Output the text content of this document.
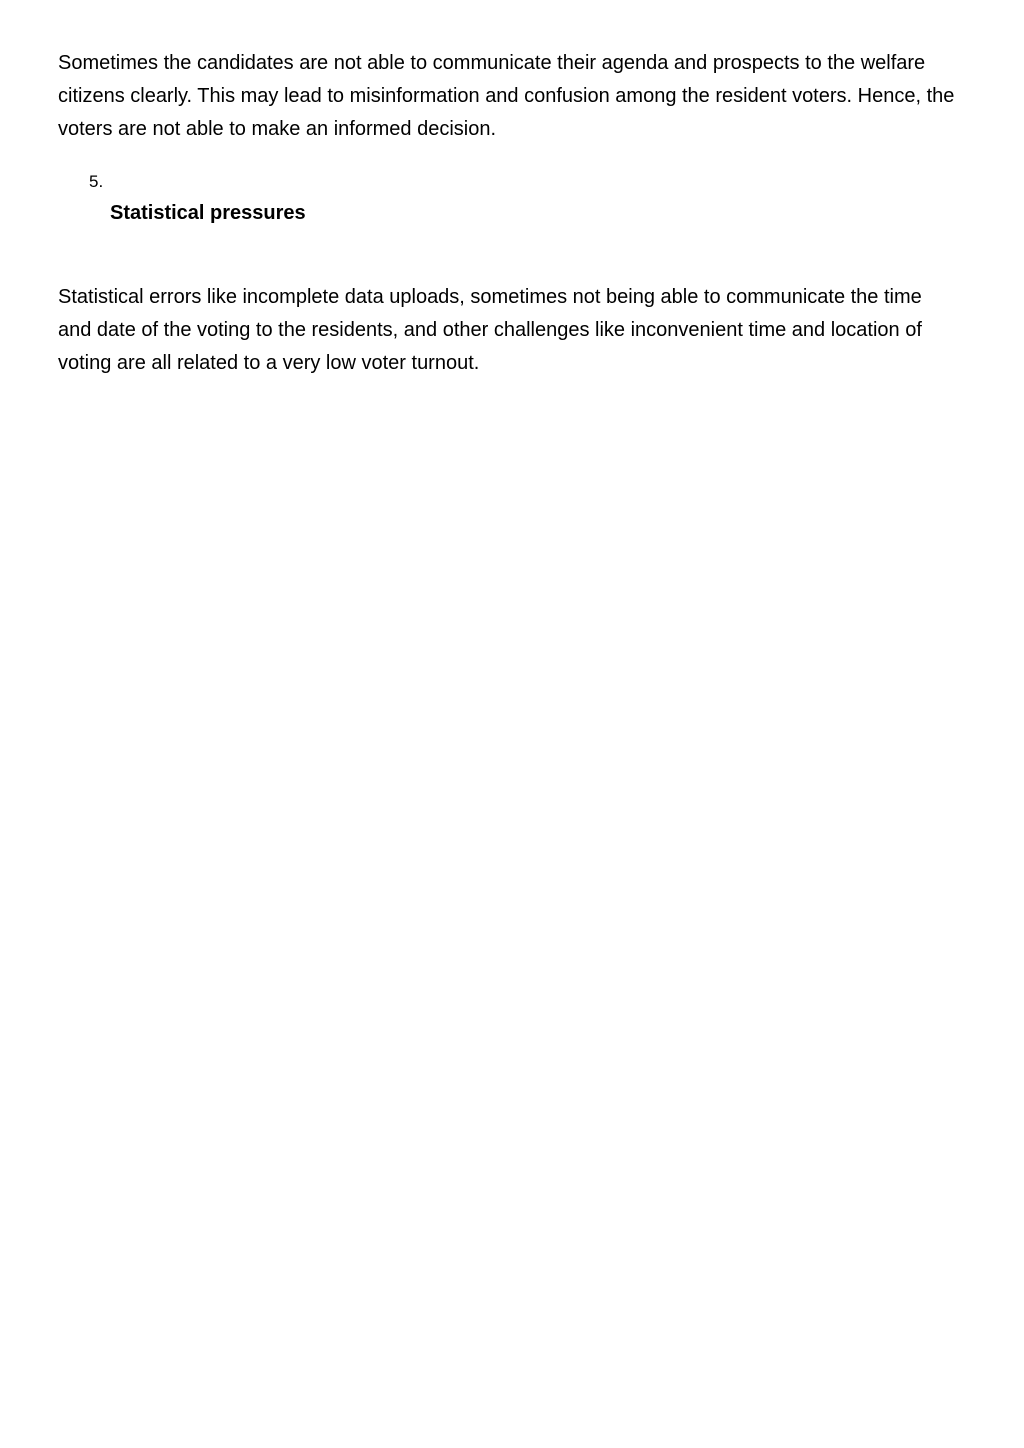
Sometimes the candidates are not able to communicate their agenda and prospects to the welfare citizens clearly. This may lead to misinformation and confusion among the resident voters. Hence, the voters are not able to make an informed decision.

5.
Statistical pressures

Statistical errors like incomplete data uploads, sometimes not being able to communicate the time and date of the voting to the residents, and other challenges like inconvenient time and location of voting are all related to a very low voter turnout.
